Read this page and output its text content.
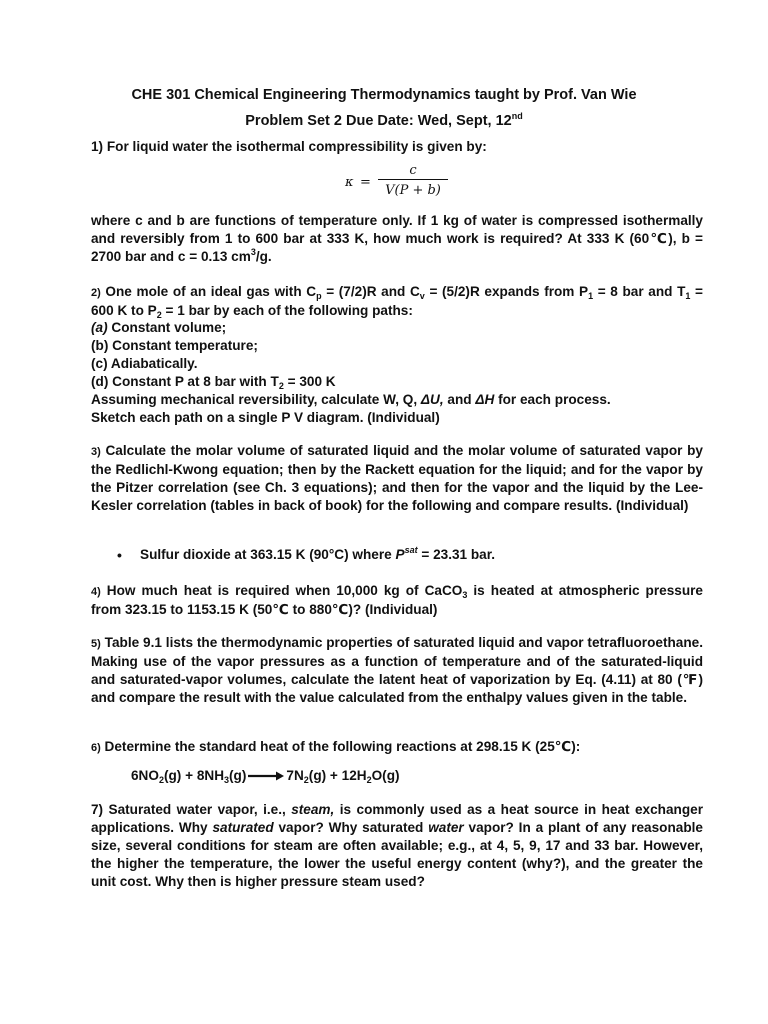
CHE 301 Chemical Engineering Thermodynamics taught by Prof. Van Wie
Problem Set 2 Due Date: Wed, Sept, 12nd
1) For liquid water the isothermal compressibility is given by:
κ =
c
V(P + b)
where c and b are functions of temperature only. If 1 kg of water is compressed isothermally and reversibly from 1 to 600 bar at 333 K, how much work is required? At 333 K (60℃), b = 2700 bar and c = 0.13 $cm^3/g$.
2) One mole of an ideal gas with $C_p = (7/2)R$ and $C_v = (5/2)R$ expands from $P_1 = 8$ bar and $T_1 = 600$ K to $P_2 = 1$ bar by each of the following paths:
(a) Constant volume;
(b) Constant temperature;
(c) Adiabatically.
(d) Constant P at 8 bar with $T_2 = 300$ K
Assuming mechanical reversibility, calculate W, Q, ΔU, and ΔH for each process.
Sketch each path on a single P V diagram. (Individual)
3) Calculate the molar volume of saturated liquid and the molar volume of saturated vapor by the Redlichl-Kwong equation; then by the Rackett equation for the liquid; and for the vapor by the Pitzer correlation (see Ch. 3 equations); and then for the vapor and the liquid by the Lee-Kesler correlation (tables in back of book) for the following and compare results. (Individual)
• Sulfur dioxide at 363.15 K (90°C) where $P^{sat} = 23.31$ bar.
4) How much heat is required when 10,000 kg of CaCO$_3$ is heated at atmospheric pressure from 323.15 to 1153.15 K (50℃ to 880℃)? (Individual)
5) Table 9.1 lists the thermodynamic properties of saturated liquid and vapor tetrafluoroethane. Making use of the vapor pressures as a function of temperature and of the saturated-liquid and saturated-vapor volumes, calculate the latent heat of vaporization by Eq. (4.11) at 80 (℉) and compare the result with the value calculated from the enthalpy values given in the table.
6) Determine the standard heat of the following reactions at 298.15 K (25℃):
$6NO_2(g) + 8NH_3(g)\to 7N_2(g) + 12H_2O(g)$
7) Saturated water vapor, i.e., steam, is commonly used as a heat source in heat exchanger applications. Why saturated vapor? Why saturated water vapor? In a plant of any reasonable size, several conditions for steam are often available; e.g., at 4, 5, 9, 17 and 33 bar. However, the higher the temperature, the lower the useful energy content (why?), and the greater the unit cost. Why then is higher pressure steam used?
